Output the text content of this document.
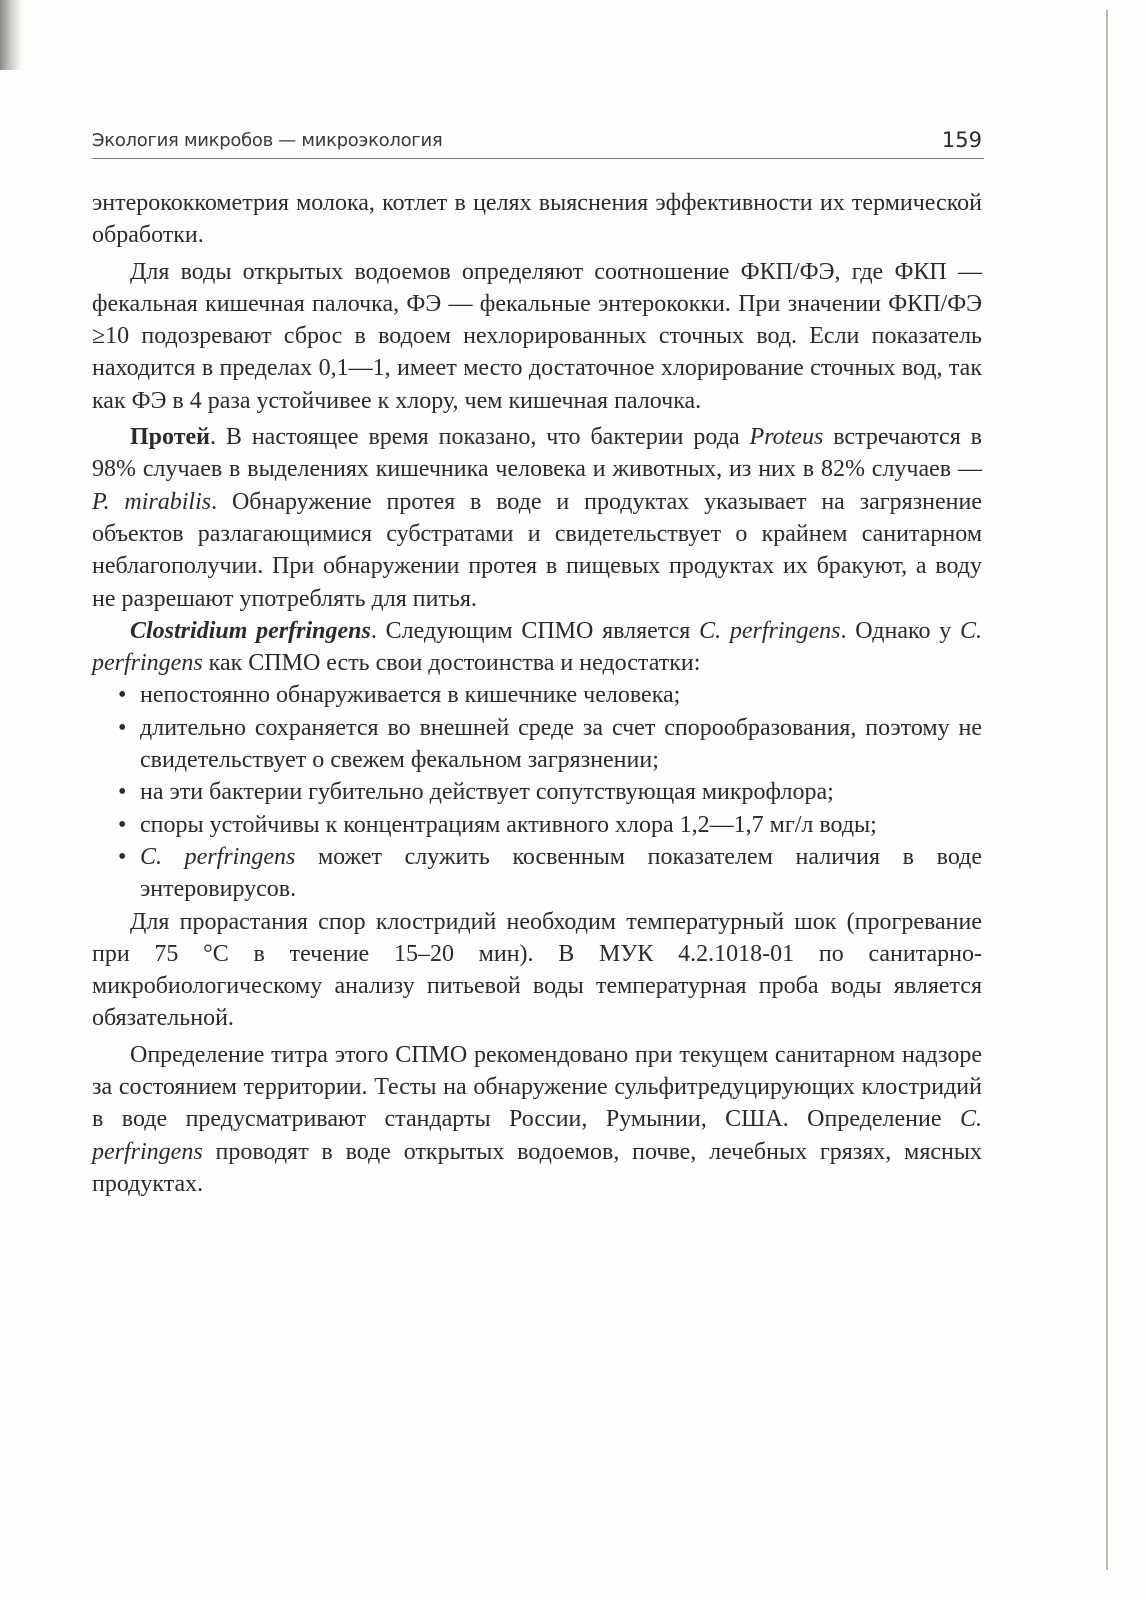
Экология микробов — микроэкология	159

энтерококкометрия молока, котлет в целях выяснения эффективности их термической обработки.

Для воды открытых водоемов определяют соотношение ФКП/ФЭ, где ФКП — фекальная кишечная палочка, ФЭ — фекальные энтерококки. При значении ФКП/ФЭ ≥10 подозревают сброс в водоем нехлорированных сточных вод. Если показатель находится в пределах 0,1—1, имеет место достаточное хлорирование сточных вод, так как ФЭ в 4 раза устойчивее к хлору, чем кишечная палочка.

Протей. В настоящее время показано, что бактерии рода Proteus встречаются в 98% случаев в выделениях кишечника человека и животных, из них в 82% случаев — P. mirabilis. Обнаружение протея в воде и продуктах указывает на загрязнение объектов разлагающимися субстратами и свидетельствует о крайнем санитарном неблагополучии. При обнаружении протея в пищевых продуктах их бракуют, а воду не разрешают употреблять для питья.

Clostridium perfringens. Следующим СПМО является C. perfringens. Однако у C. perfringens как СПМО есть свои достоинства и недостатки:

• непостоянно обнаруживается в кишечнике человека;
• длительно сохраняется во внешней среде за счет спорообразования, поэтому не свидетельствует о свежем фекальном загрязнении;
• на эти бактерии губительно действует сопутствующая микрофлора;
• споры устойчивы к концентрациям активного хлора 1,2—1,7 мг/л воды;
• C. perfringens может служить косвенным показателем наличия в воде энтеровирусов.

Для прорастания спор клостридий необходим температурный шок (прогревание при 75 °С в течение 15–20 мин). В МУК 4.2.1018-01 по санитарно-микробиологическому анализу питьевой воды температурная проба воды является обязательной.

Определение титра этого СПМО рекомендовано при текущем санитарном надзоре за состоянием территории. Тесты на обнаружение сульфитредуцирующих клостридий в воде предусматривают стандарты России, Румынии, США. Определение C. perfringens проводят в воде открытых водоемов, почве, лечебных грязях, мясных продуктах.
